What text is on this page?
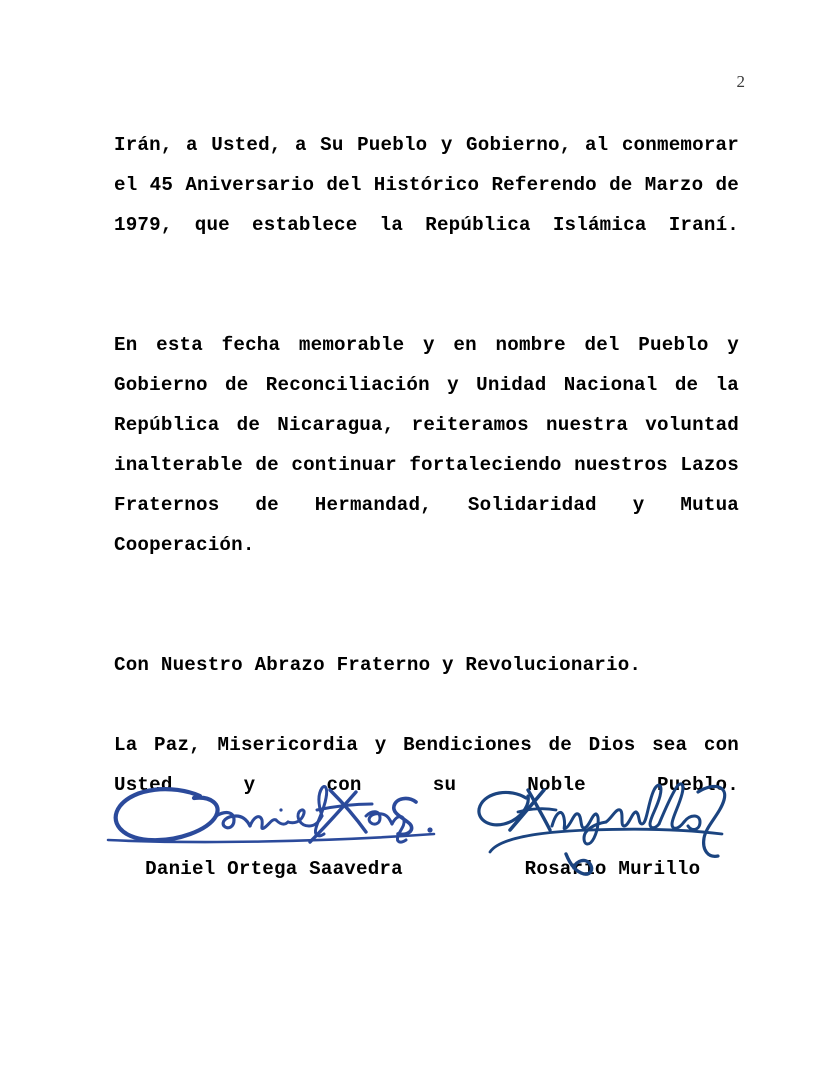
2

Irán, a Usted, a Su Pueblo y Gobierno, al conmemorar el 45 Aniversario del Histórico Referendo de Marzo de 1979, que establece la República Islámica Iraní.

En esta fecha memorable y en nombre del Pueblo y Gobierno de Reconciliación y Unidad Nacional de la República de Nicaragua, reiteramos nuestra voluntad inalterable de continuar fortaleciendo nuestros Lazos Fraternos de Hermandad, Solidaridad y Mutua Cooperación.

Con Nuestro Abrazo Fraterno y Revolucionario.

La Paz, Misericordia y Bendiciones de Dios sea con Usted y con su Noble Pueblo.

Daniel Ortega Saavedra	Rosario Murillo
